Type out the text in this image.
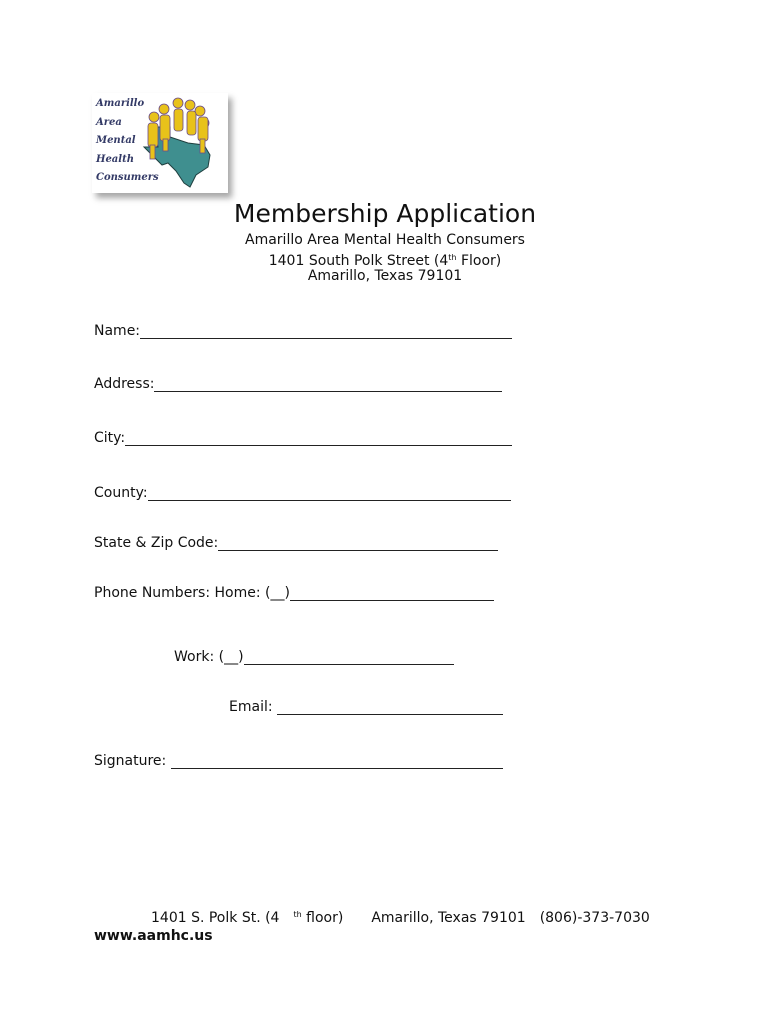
Amarillo
Area
Mental
Health
Consumers
Membership Application
Amarillo Area Mental Health Consumers
1401 South Polk Street (4th Floor)
Amarillo, Texas 79101
Name:
Address:
City:
County:
State & Zip Code:
Phone Numbers: Home: (__)
Work: (__)
Email:
Signature:
1401 S. Polk St. (4 $^{th}$ floor) Amarillo, Texas 79101 (806)-373-7030
www.aamhc.us
